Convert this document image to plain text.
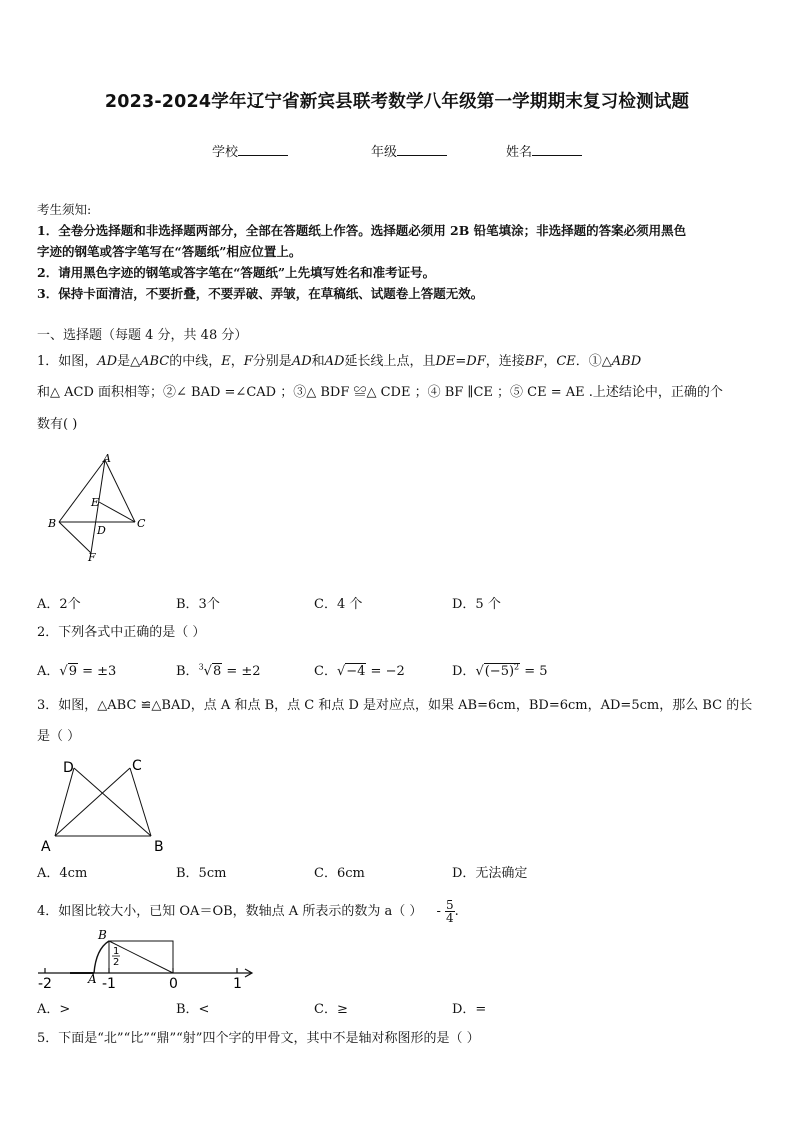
2023-2024学年辽宁省新宾县联考数学八年级第一学期期末复习检测试题
学校	年级	姓名
考生须知:
1．全卷分选择题和非选择题两部分，全部在答题纸上作答。选择题必须用 2B 铅笔填涂；非选择题的答案必须用黑色
字迹的钢笔或答字笔写在“答题纸”相应位置上。
2．请用黑色字迹的钢笔或答字笔在“答题纸”上先填写姓名和准考证号。
3．保持卡面清洁，不要折叠，不要弄破、弄皱，在草稿纸、试题卷上答题无效。
一、选择题（每题 4 分，共 48 分）
1．如图，AD是△ABC的中线，E，F分别是AD和AD延长线上点，且DE=DF，连接BF，CE．①△ABD
和△ ACD 面积相等；②∠ BAD =∠CAD ；③△ BDF ≌△ CDE ；④ BF ∥CE ；⑤ CE = AE .上述结论中，正确的个
数有( )
A
B	C
D
E
F
A．2个	B．3个	C．4 个	D．5 个
2．下列各式中正确的是（ ）
A．√9 = ±3	B．$^3$√8 = ±2	C．√−4 = −2	D．$√(-5)^2 = 5$
3．如图，△ABC ≌△BAD，点 A 和点 B，点 C 和点 D 是对应点，如果 AB=6cm，BD=6cm，AD=5cm，那么 BC 的长
是（ ）
A	B
C
D
A．4cm	B．5cm	C．6cm	D．无法确定
4．如图比较大小，已知 OA＝OB，数轴点 A 所表示的数为 a（ ） - $\frac{5}{4}$ .
B
A
1
2
-2	-1	0	1
A．>	B．<	C．≥	D．=
5．下面是“北”“比”“鼎”“射”四个字的甲骨文，其中不是轴对称图形的是（ ）
